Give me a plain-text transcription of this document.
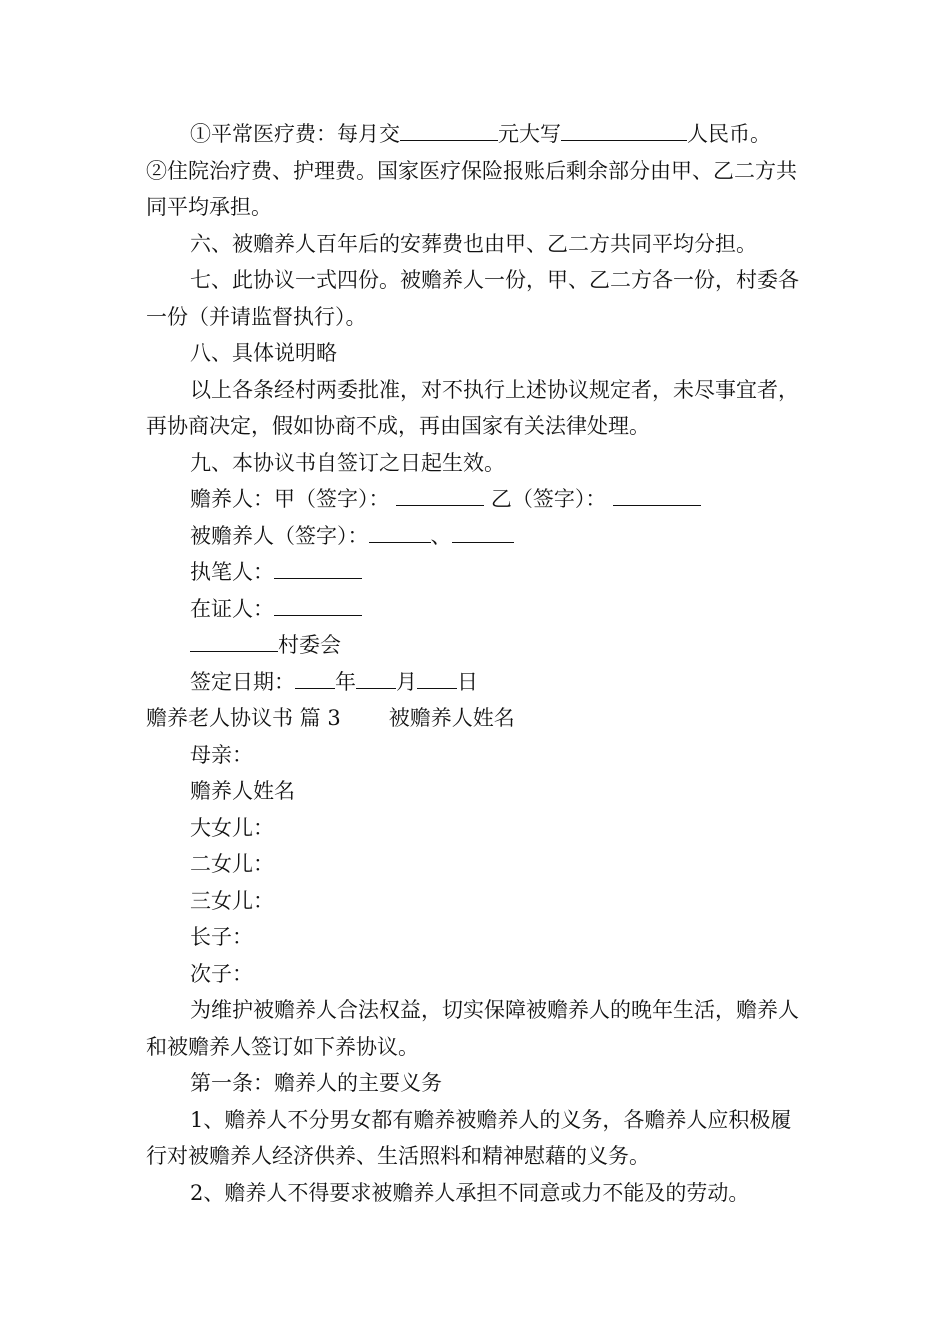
①平常医疗费：每月交	元大写	人民币。

②住院治疗费、护理费。国家医疗保险报账后剩余部分由甲、乙二方共同平均承担。

六、被赡养人百年后的安葬费也由甲、乙二方共同平均分担。

七、此协议一式四份。被赡养人一份，甲、乙二方各一份，村委各一份（并请监督执行）。

八、具体说明略

以上各条经村两委批准，对不执行上述协议规定者，未尽事宜者，再协商决定，假如协商不成，再由国家有关法律处理。

九、本协议书自签订之日起生效。

赡养人：甲（签字）：	乙（签字）：

被赡养人（签字）：	、

执笔人：

在证人：

村委会

签定日期： 年 月 日

赡养老人协议书 篇 3 被赡养人姓名

母亲：

赡养人姓名

大女儿：

二女儿：

三女儿：

长子：

次子：

为维护被赡养人合法权益，切实保障被赡养人的晚年生活，赡养人和被赡养人签订如下养协议。

第一条：赡养人的主要义务

1、赡养人不分男女都有赡养被赡养人的义务，各赡养人应积极履行对被赡养人经济供养、生活照料和精神慰藉的义务。

2、赡养人不得要求被赡养人承担不同意或力不能及的劳动。
